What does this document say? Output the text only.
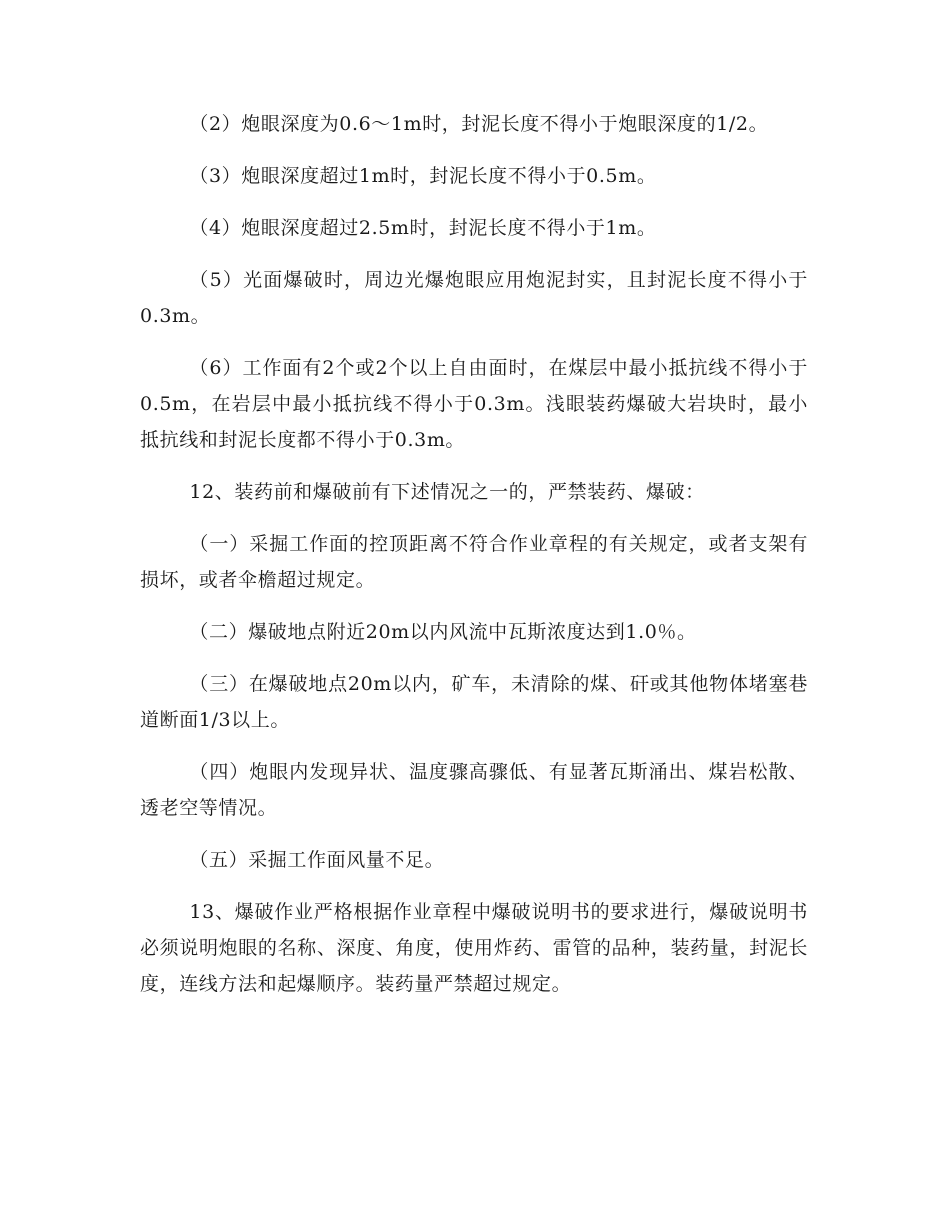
（2）炮眼深度为0.6～1m时，封泥长度不得小于炮眼深度的1/2。

（3）炮眼深度超过1m时，封泥长度不得小于0.5m。

（4）炮眼深度超过2.5m时，封泥长度不得小于1m。

（5）光面爆破时，周边光爆炮眼应用炮泥封实，且封泥长度不得小于0.3m。

（6）工作面有2个或2个以上自由面时，在煤层中最小抵抗线不得小于0.5m，在岩层中最小抵抗线不得小于0.3m。浅眼装药爆破大岩块时，最小抵抗线和封泥长度都不得小于0.3m。

12、装药前和爆破前有下述情况之一的，严禁装药、爆破：

（一）采掘工作面的控顶距离不符合作业章程的有关规定，或者支架有损坏，或者伞檐超过规定。

（二）爆破地点附近20m以内风流中瓦斯浓度达到1.0％。

（三）在爆破地点20m以内，矿车，未清除的煤、矸或其他物体堵塞巷道断面1/3以上。

（四）炮眼内发现异状、温度骤高骤低、有显著瓦斯涌出、煤岩松散、透老空等情况。

（五）采掘工作面风量不足。

13、爆破作业严格根据作业章程中爆破说明书的要求进行，爆破说明书必须说明炮眼的名称、深度、角度，使用炸药、雷管的品种，装药量，封泥长度，连线方法和起爆顺序。装药量严禁超过规定。
